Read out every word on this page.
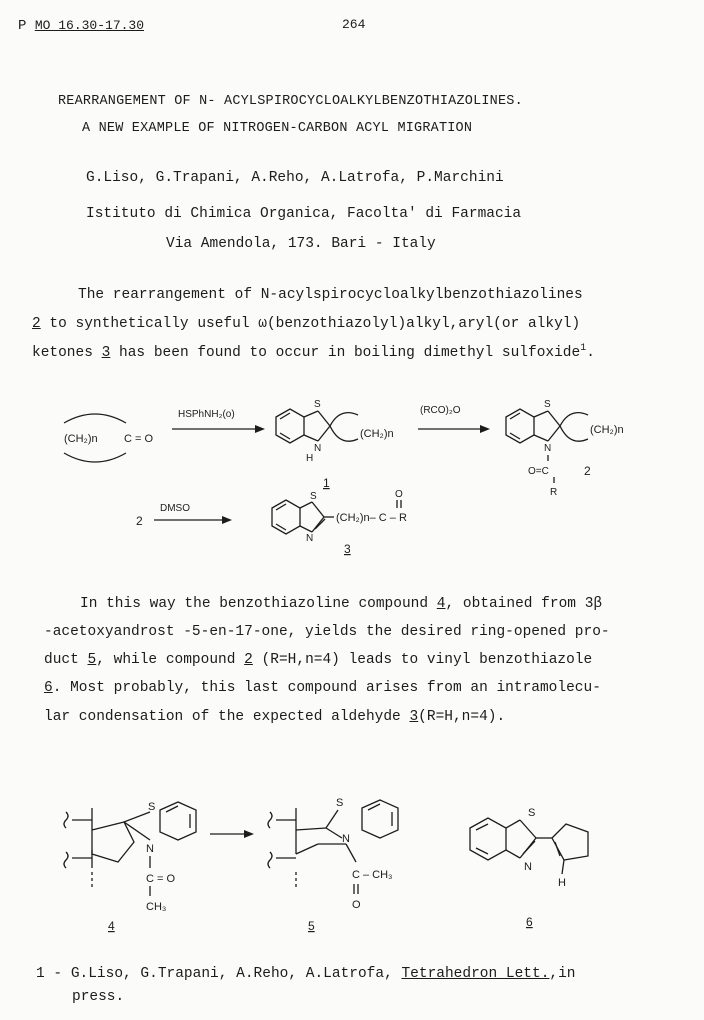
P MO 16.30-17.30	264
REARRANGEMENT OF N- ACYLSPIROCYCLOALKYLBENZOTHIAZOLINES.
A NEW EXAMPLE OF NITROGEN-CARBON ACYL MIGRATION
G.Liso, G.Trapani, A.Reho, A.Latrofa, P.Marchini
Istituto di Chimica Organica, Facolta' di Farmacia
Via Amendola, 173. Bari - Italy
The rearrangement of N-acylspirocycloalkylbenzothiazolines
2 to synthetically useful ω(benzothiazolyl)alkyl,aryl(or alkyl)
ketones 3 has been found to occur in boiling dimethyl sulfoxide$^1$.
(CH₂)n C = O
HSPhNH₂(o)
S
N
H
(CH₂)n
1
(RCO)₂O
S
N
(CH₂)n
O=C
R
2
2
DMSO
S
N
(CH₂)n– C – R
O
3
In this way the benzothiazoline compound 4, obtained from 3β
-acetoxyandrost -5-en-17-one, yields the desired ring-opened pro-
duct 5, while compound 2 (R=H,n=4) leads to vinyl benzothiazole
6. Most probably, this last compound arises from an intramolecu-
lar condensation of the expected aldehyde 3(R=H,n=4).
S
N
C = O
CH₃
4
S
N
C – CH₃
O
5
S
N
H
6
1 - G.Liso, G.Trapani, A.Reho, A.Latrofa, Tetrahedron Lett.,in
press.
